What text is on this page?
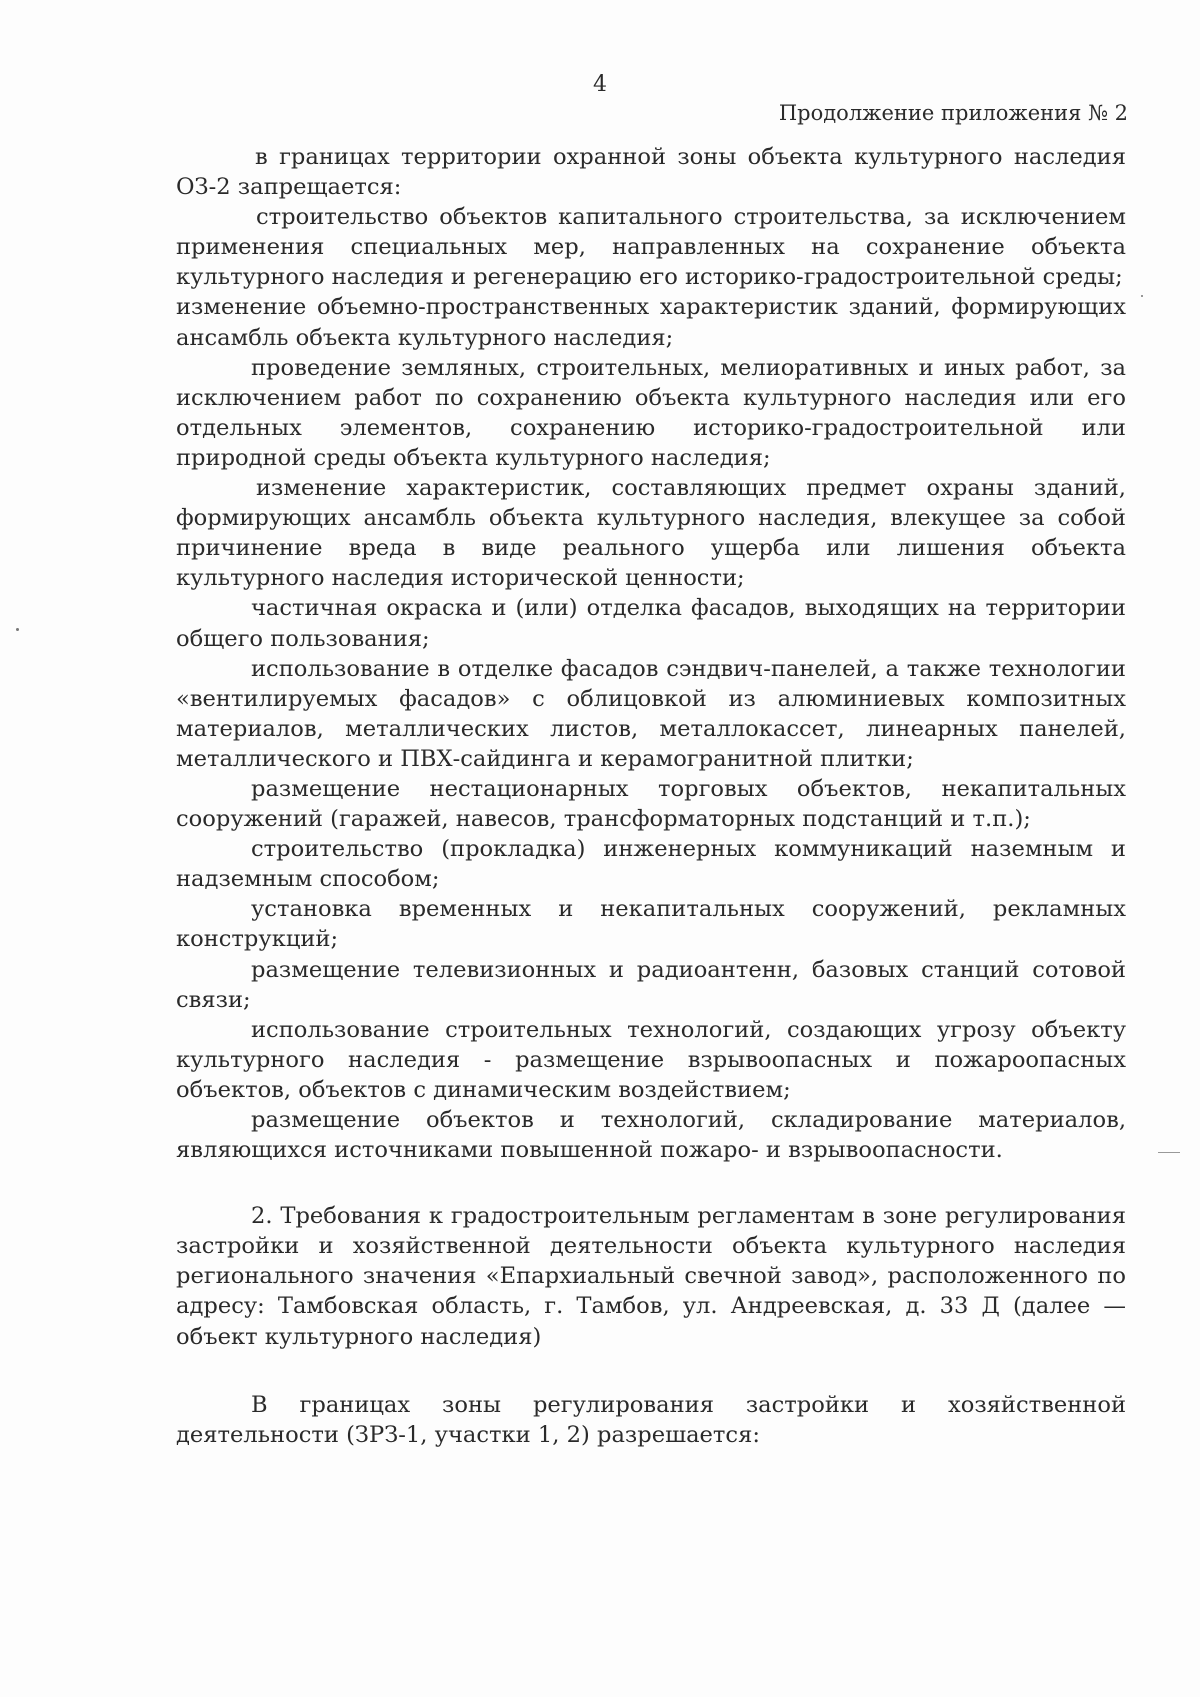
4
Продолжение приложения № 2

в границах территории охранной зоны объекта культурного наследия ОЗ-2 запрещается:

строительство объектов капитального строительства, за исключением применения специальных мер, направленных на сохранение объекта культурного наследия и регенерацию его историко-градостроительной среды;

изменение объемно-пространственных характеристик зданий, формирующих ансамбль объекта культурного наследия;

проведение земляных, строительных, мелиоративных и иных работ, за исключением работ по сохранению объекта культурного наследия или его отдельных элементов, сохранению историко-градостроительной или природной среды объекта культурного наследия;

изменение характеристик, составляющих предмет охраны зданий, формирующих ансамбль объекта культурного наследия, влекущее за собой причинение вреда в виде реального ущерба или лишения объекта культурного наследия исторической ценности;

частичная окраска и (или) отделка фасадов, выходящих на территории общего пользования;

использование в отделке фасадов сэндвич-панелей, а также технологии «вентилируемых фасадов» с облицовкой из алюминиевых композитных материалов, металлических листов, металлокассет, линеарных панелей, металлического и ПВХ-сайдинга и керамогранитной плитки;

размещение нестационарных торговых объектов, некапитальных сооружений (гаражей, навесов, трансформаторных подстанций и т.п.);

строительство (прокладка) инженерных коммуникаций наземным и надземным способом;

установка временных и некапитальных сооружений, рекламных конструкций;

размещение телевизионных и радиоантенн, базовых станций сотовой связи;

использование строительных технологий, создающих угрозу объекту культурного наследия - размещение взрывоопасных и пожароопасных объектов, объектов с динамическим воздействием;

размещение объектов и технологий, складирование материалов, являющихся источниками повышенной пожаро- и взрывоопасности.

2. Требования к градостроительным регламентам в зоне регулирования застройки и хозяйственной деятельности объекта культурного наследия регионального значения «Епархиальный свечной завод», расположенного по адресу: Тамбовская область, г. Тамбов, ул. Андреевская, д. 33 Д (далее — объект культурного наследия)

В границах зоны регулирования застройки и хозяйственной деятельности (ЗРЗ-1, участки 1, 2) разрешается:
